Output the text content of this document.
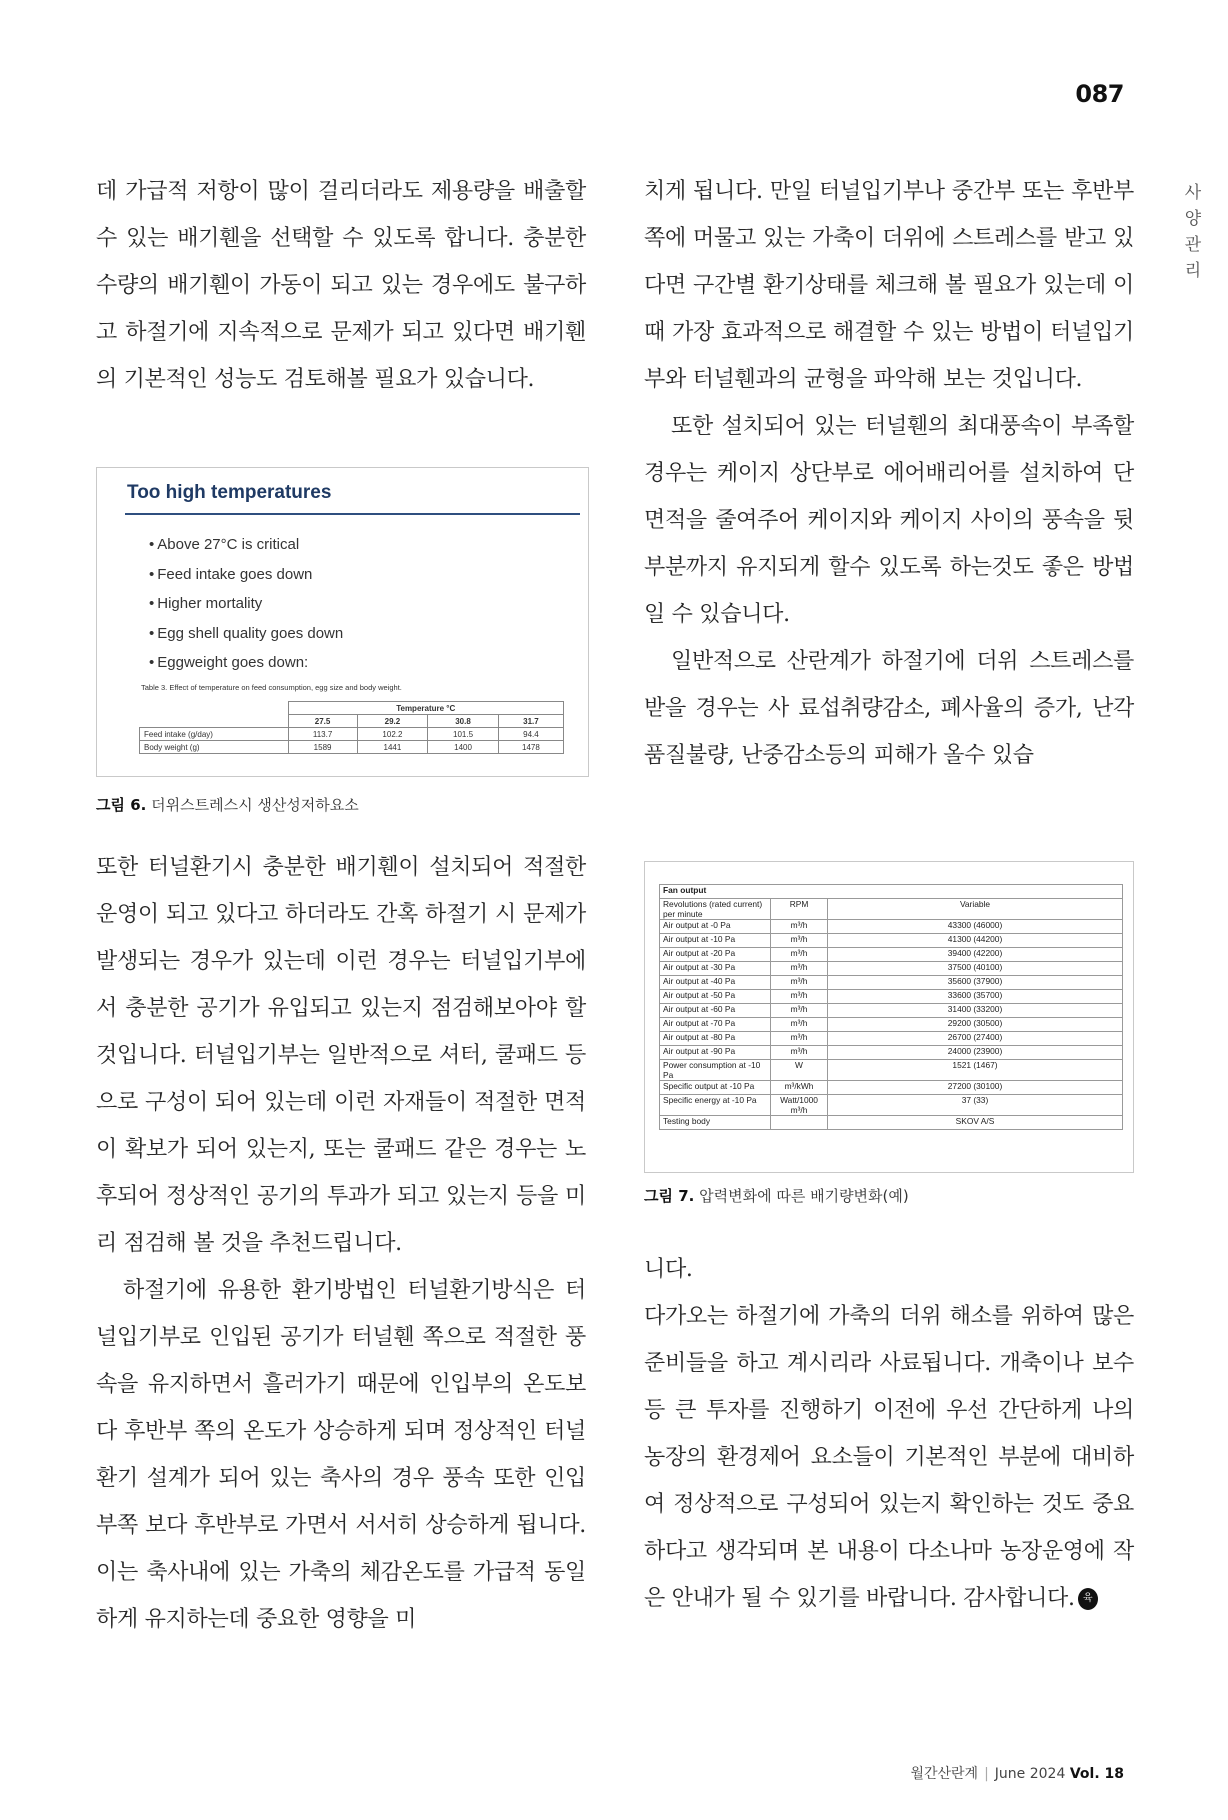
087
사양관리

데 가급적 저항이 많이 걸리더라도 제용량을 배출할 수 있는 배기휀을 선택할 수 있도록 합니다. 충분한 수량의 배기휀이 가동이 되고 있는 경우에도 불구하고 하절기에 지속적으로 문제가 되고 있다면 배기휀의 기본적인 성능도 검토해볼 필요가 있습니다.

Too high temperatures
• Above 27°C is critical
• Feed intake goes down
• Higher mortality
• Egg shell quality goes down
• Eggweight goes down:
Table 3. Effect of temperature on feed consumption, egg size and body weight.
	Temperature °C			
	27.5	29.2	30.8	31.7
Feed intake (g/day)	113.7	102.2	101.5	94.4
Body weight (g)	1589	1441	1400	1478
그림 6. 더위스트레스시 생산성저하요소

또한 터널환기시 충분한 배기휀이 설치되어 적절한 운영이 되고 있다고 하더라도 간혹 하절기 시 문제가 발생되는 경우가 있는데 이런 경우는 터널입기부에서 충분한 공기가 유입되고 있는지 점검해보아야 할 것입니다. 터널입기부는 일반적으로 셔터, 쿨패드 등으로 구성이 되어 있는데 이런 자재들이 적절한 면적이 확보가 되어 있는지, 또는 쿨패드 같은 경우는 노후되어 정상적인 공기의 투과가 되고 있는지 등을 미리 점검해 볼 것을 추천드립니다.

하절기에 유용한 환기방법인 터널환기방식은 터널입기부로 인입된 공기가 터널휀 쪽으로 적절한 풍속을 유지하면서 흘러가기 때문에 인입부의 온도보다 후반부 쪽의 온도가 상승하게 되며 정상적인 터널환기 설계가 되어 있는 축사의 경우 풍속 또한 인입부쪽 보다 후반부로 가면서 서서히 상승하게 됩니다. 이는 축사내에 있는 가축의 체감온도를 가급적 동일하게 유지하는데 중요한 영향을 미

치게 됩니다. 만일 터널입기부나 중간부 또는 후반부 쪽에 머물고 있는 가축이 더위에 스트레스를 받고 있다면 구간별 환기상태를 체크해 볼 필요가 있는데 이때 가장 효과적으로 해결할 수 있는 방법이 터널입기부와 터널휀과의 균형을 파악해 보는 것입니다.

또한 설치되어 있는 터널휀의 최대풍속이 부족할 경우는 케이지 상단부로 에어배리어를 설치하여 단면적을 줄여주어 케이지와 케이지 사이의 풍속을 뒷부분까지 유지되게 할수 있도록 하는것도 좋은 방법일 수 있습니다.

일반적으로 산란계가 하절기에 더위 스트레스를 받을 경우는 사 료섭취량감소, 폐사율의 증가, 난각품질불량, 난중감소등의 피해가 올수 있습

Fan output		
Revolutions (rated current) per minute	RPM	Variable
Air output at -0 Pa	m³/h	43300 (46000)
Air output at -10 Pa	m³/h	41300 (44200)
Air output at -20 Pa	m³/h	39400 (42200)
Air output at -30 Pa	m³/h	37500 (40100)
Air output at -40 Pa	m³/h	35600 (37900)
Air output at -50 Pa	m³/h	33600 (35700)
Air output at -60 Pa	m³/h	31400 (33200)
Air output at -70 Pa	m³/h	29200 (30500)
Air output at -80 Pa	m³/h	26700 (27400)
Air output at -90 Pa	m³/h	24000 (23900)
Power consumption at -10 Pa	W	1521 (1467)
Specific output at -10 Pa	m³/kWh	27200 (30100)
Specific energy at -10 Pa	Watt/1000 m³/h	37 (33)
Testing body		SKOV A/S
그림 7. 압력변화에 따른 배기량변화(예)

니다.

다가오는 하절기에 가축의 더위 해소를 위하여 많은 준비들을 하고 계시리라 사료됩니다. 개축이나 보수 등 큰 투자를 진행하기 이전에 우선 간단하게 나의 농장의 환경제어 요소들이 기본적인 부분에 대비하여 정상적으로 구성되어 있는지 확인하는 것도 중요하다고 생각되며 본 내용이 다소나마 농장운영에 작은 안내가 될 수 있기를 바랍니다. 감사합니다. 육

월간산란계 | June 2024 Vol. 18
